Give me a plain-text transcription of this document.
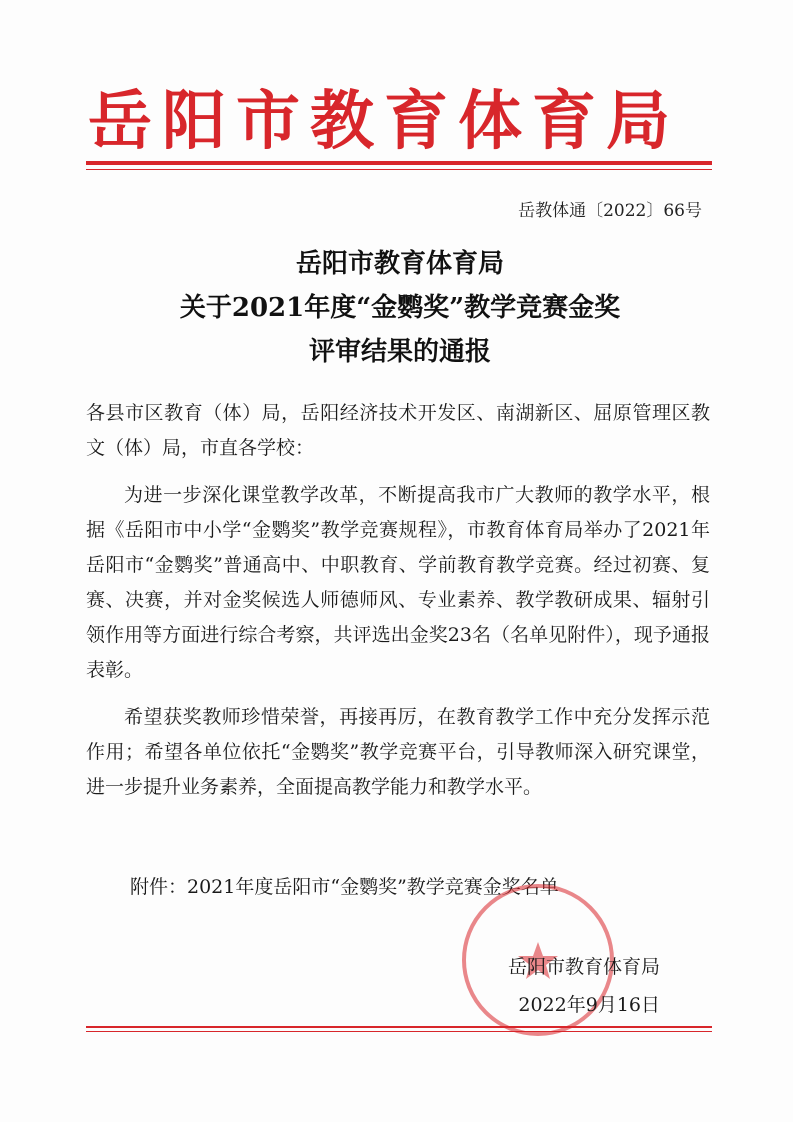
岳阳市教育体育局
岳教体通〔2022〕66号
岳阳市教育体育局
关于2021年度“金鹦奖”教学竞赛金奖
评审结果的通报

各县市区教育（体）局，岳阳经济技术开发区、南湖新区、屈原管理区教文（体）局，市直各学校：

为进一步深化课堂教学改革，不断提高我市广大教师的教学水平，根据《岳阳市中小学“金鹦奖”教学竞赛规程》，市教育体育局举办了2021年岳阳市“金鹦奖”普通高中、中职教育、学前教育教学竞赛。经过初赛、复赛、决赛，并对金奖候选人师德师风、专业素养、教学教研成果、辐射引领作用等方面进行综合考察，共评选出金奖23名（名单见附件），现予通报表彰。

希望获奖教师珍惜荣誉，再接再厉，在教育教学工作中充分发挥示范作用；希望各单位依托“金鹦奖”教学竞赛平台，引导教师深入研究课堂，进一步提升业务素养，全面提高教学能力和教学水平。

附件：2021年度岳阳市“金鹦奖”教学竞赛金奖名单
岳阳市教育体育局
2022年9月16日
